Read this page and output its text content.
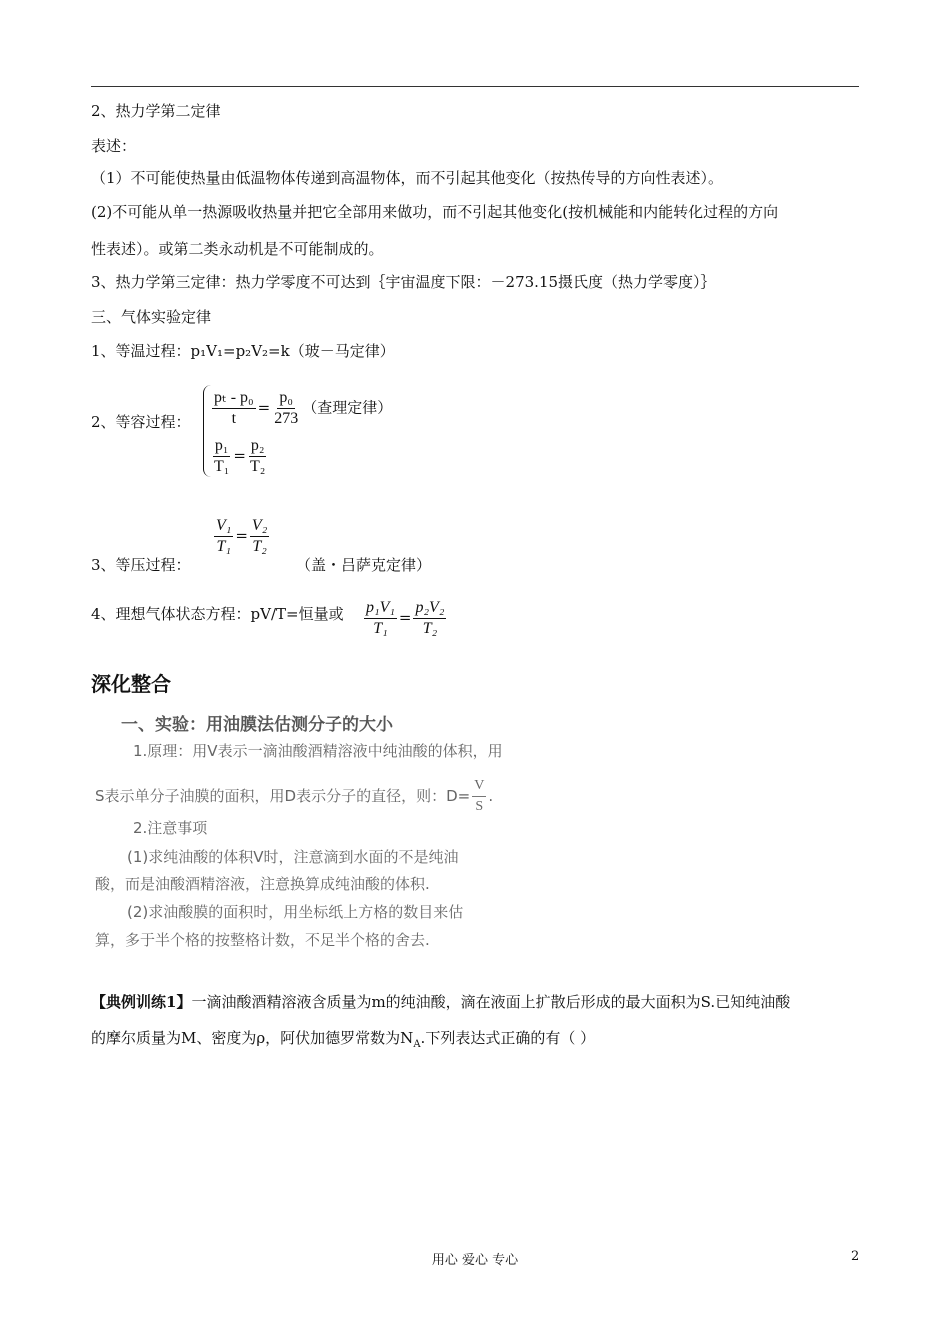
2、热力学第二定律
表述：
（1）不可能使热量由低温物体传递到高温物体，而不引起其他变化（按热传导的方向性表述）。
(2)不可能从单一热源吸收热量并把它全部用来做功，而不引起其他变化(按机械能和内能转化过程的方向
性表述）。或第二类永动机是不可能制成的。
3、热力学第三定律：热力学零度不可达到｛宇宙温度下限：－273.15摄氏度（热力学零度）｝
三、气体实验定律
1、等温过程：p₁V₁=p₂V₂=k（玻－马定律）
2、等容过程： $\frac{\text{pₜ - p₀}}{t} = \frac{\text{p₀}}{273}$ （查理定律）
$\frac{\text{p₁}}{\text{T₁}} = \frac{\text{p₂}}{\text{T₂}}$
$\frac{\text{V₁}}{\text{T₁}} = \frac{\text{V₂}}{\text{T₂}}$
3、等压过程：	（盖・吕萨克定律）
4、理想气体状态方程：pV/T=恒量或 $\frac{\text{p₁V₁}}{\text{T₁}} = \frac{\text{p₂V₂}}{\text{T₂}}$
深化整合
一、实验：用油膜法估测分子的大小
1.原理：用V表示一滴油酸酒精溶液中纯油酸的体积，用
S表示单分子油膜的面积，用D表示分子的直径，则：$D= \frac{V}{S}$ .
2.注意事项
(1)求纯油酸的体积V时，注意滴到水面的不是纯油
酸，而是油酸酒精溶液，注意换算成纯油酸的体积.
(2)求油酸膜的面积时，用坐标纸上方格的数目来估
算，多于半个格的按整格计数，不足半个格的舍去.
【典例训练1】一滴油酸酒精溶液含质量为m的纯油酸，滴在液面上扩散后形成的最大面积为S.已知纯油酸
的摩尔质量为M、密度为ρ，阿伏加德罗常数为$N_A$.下列表达式正确的有（ ）
用心 爱心 专心	2
